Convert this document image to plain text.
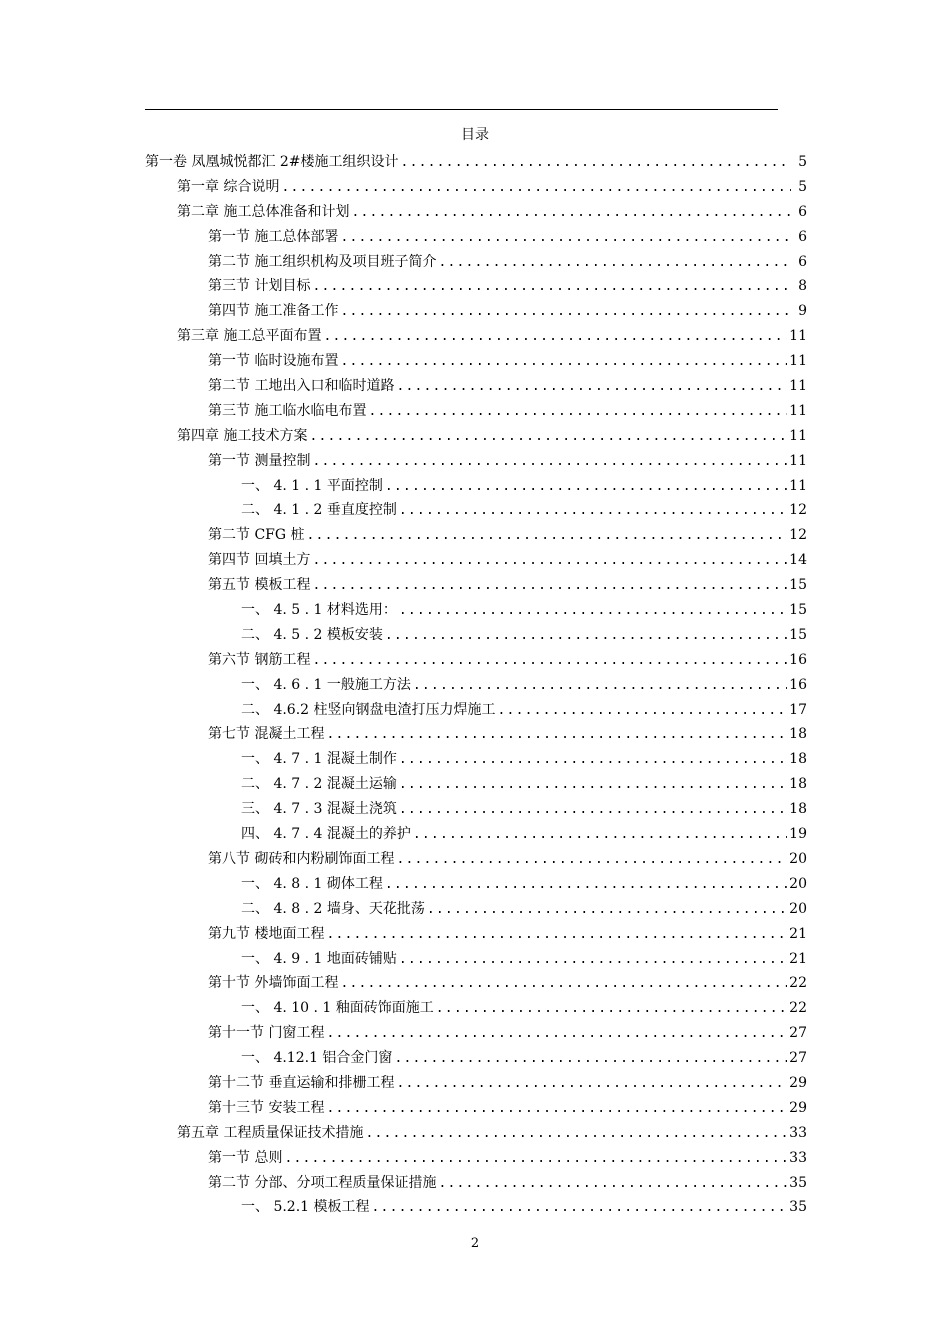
目录
第一卷 凤凰城悦都汇 2#楼施工组织设计 .....	5
第一章 综合说明 .....	5
第二章 施工总体准备和计划 .....	6
第一节 施工总体部署 .....	6
第二节 施工组织机构及项目班子简介 .....	6
第三节 计划目标 .....	8
第四节 施工准备工作 .....	9
第三章 施工总平面布置 .....	11
第一节 临时设施布置 .....	11
第二节 工地出入口和临时道路 .....	11
第三节 施工临水临电布置 .....	11
第四章 施工技术方案 .....	11
第一节 测量控制 .....	11
一、 4. 1 . 1 平面控制 .....	11
二、 4. 1 . 2 垂直度控制 .....	12
第二节 CFG 桩 .....	12
第四节 回填土方 .....	14
第五节 模板工程 .....	15
一、 4. 5 . 1 材料选用： .....	15
二、 4. 5 . 2 模板安装 .....	15
第六节 钢筋工程 .....	16
一、 4. 6 . 1 一般施工方法 .....	16
二、 4.6.2 柱竖向钢盘电渣打压力焊施工 .....	17
第七节 混凝土工程 .....	18
一、 4. 7 . 1 混凝土制作 .....	18
二、 4. 7 . 2 混凝土运输 .....	18
三、 4. 7 . 3 混凝土浇筑 .....	18
四、 4. 7 . 4 混凝土的养护 .....	19
第八节 砌砖和内粉刷饰面工程 .....	20
一、 4. 8 . 1 砌体工程 .....	20
二、 4. 8 . 2 墙身、天花批荡 .....	20
第九节 楼地面工程 .....	21
一、 4. 9 . 1 地面砖铺贴 .....	21
第十节 外墙饰面工程 .....	22
一、 4. 10 . 1 釉面砖饰面施工 .....	22
第十一节 门窗工程 .....	27
一、 4.12.1 铝合金门窗 .....	27
第十二节 垂直运输和排栅工程 .....	29
第十三节 安装工程 .....	29
第五章 工程质量保证技术措施 .....	33
第一节 总则 .....	33
第二节 分部、分项工程质量保证措施 .....	35
一、 5.2.1 模板工程 .....	35
2
